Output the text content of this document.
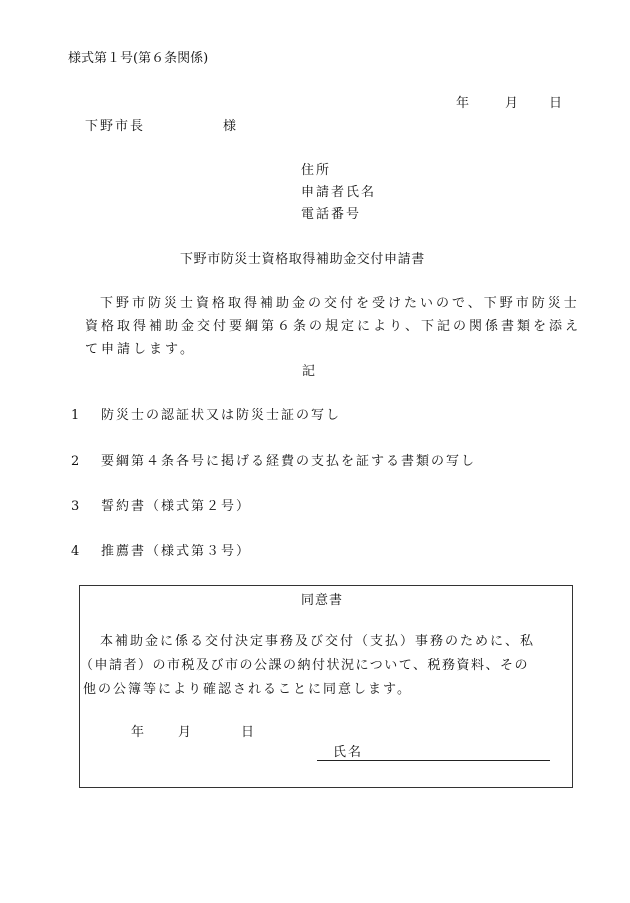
様式第１号(第６条関係)
年	月 日
下野市長	様
住所
申請者氏名
電話番号
下野市防災士資格取得補助金交付申請書
下野市防災士資格取得補助金の交付を受けたいので、下野市防災士
資格取得補助金交付要綱第６条の規定により、下記の関係書類を添え
て申請します。
記
1 防災士の認証状又は防災士証の写し
2 要綱第４条各号に掲げる経費の支払を証する書類の写し
3 誓約書（様式第２号）
4 推薦書（様式第３号）
同意書
本補助金に係る交付決定事務及び交付（支払）事務のために、私
（申請者）の市税及び市の公課の納付状況について、税務資料、その
他の公簿等により確認されることに同意します。
年	月	日
氏名
